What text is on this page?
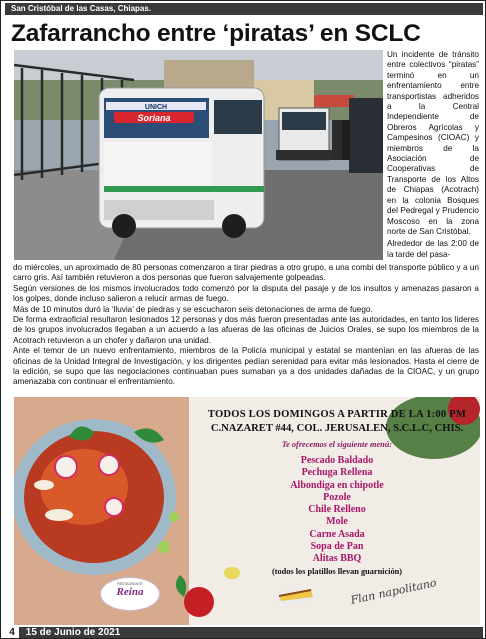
San Cristóbal de las Casas, Chiapas.
Zafarrancho entre ‘piratas’ en SCLC
UNICH
Soriana

Un incidente de tránsito entre colectivos “piratas” terminó en un enfrentamiento entre transportistas adheridos a la Central Independiente de Obreros Agrícolas y Campesinos (CIOAC) y miembros de la Asociación de Cooperativas de Transporte de los Altos de Chiapas (Acotrach) en la colonia Bosques del Pedregal y Prudencio Moscoso en la zona norte de San Cristóbal.

Alrededor de las 2:00 de la tarde del pasa-

do miércoles, un aproximado de 80 personas comenzaron a tirar piedras a otro grupo, a una combi del transporte público y a un carro gris. Así también retuvieron a dos personas que fueron salvajemente golpeadas.

Según versiones de los mismos involucrados todo comenzó por la disputa del pasaje y de los insultos y amenazas pasaron a los golpes, donde incluso salieron a relucir armas de fuego.

Más de 10 minutos duró la ‘lluvia’ de piedras y se escucharon seis detonaciones de arma de fuego.

De forma extraoficial resultaron lesionados 12 personas y dos más fueron presentadas ante las autoridades, en tanto los líderes de los grupos involucrados llegaban a un acuerdo a las afueras de las oficinas de Juicios Orales, se supo los miembros de la Acotrach retuvieron a un chofer y dañaron una unidad.

Ante el temor de un nuevo enfrentamiento, miembros de la Policía municipal y estatal se mantenían en las afueras de las oficinas de la Unidad Integral de Investigación, y los dirigentes pedían serenidad para evitar más lesionados. Hasta el cierre de la edición, se supo que las negociaciones continuaban pues sumaban ya a dos unidades dañadas de la CIOAC, y un grupo amenazaba con continuar el enfrentamiento.

TODOS LOS DOMINGOS A PARTIR DE LA 1:00 PM
C.NAZARET #44, COL. JERUSALEN, S.C.L.C, CHIS.
Te ofrecemos el siguiente menú:
Pescado Baldado
Pechuga Rellena
Albondiga en chipotle
Pozole
Chile Relleno
Mole
Carne Asada
Sopa de Pan
Alitas BBQ
(todos los platillos llevan guarnición)
RESTAURANTE
Reina	Flan napolitano
4 15 de Junio de 2021
